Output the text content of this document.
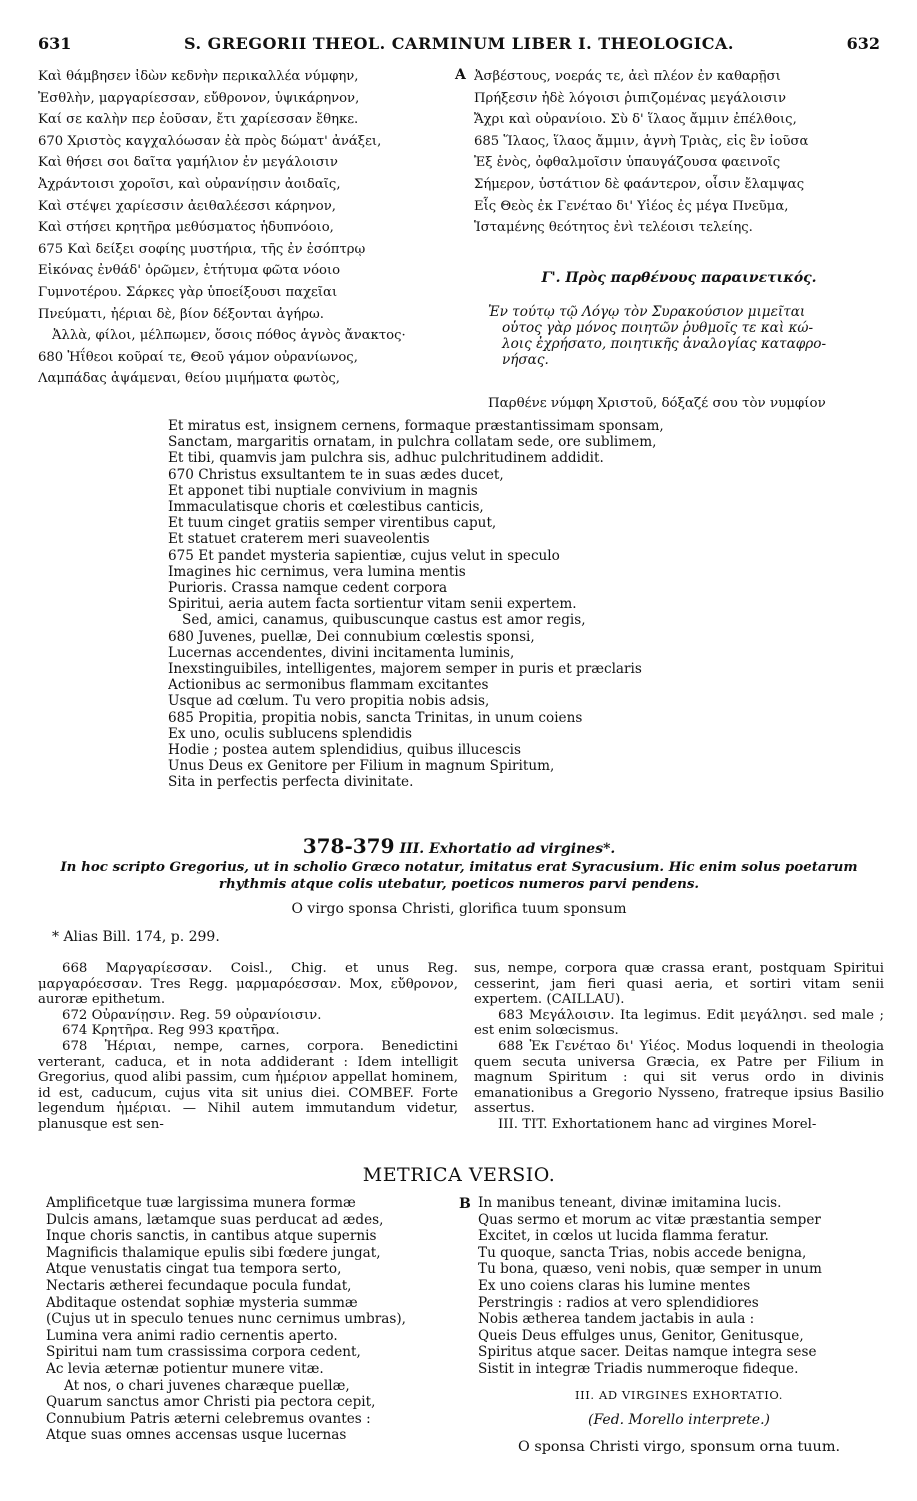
631	S. GREGORII THEOL. CARMINUM LIBER I. THEOLOGICA.	632
Καὶ θάμβησεν ἰδὼν κεδνὴν περικαλλέα νύμφην,
Ἐσθλὴν, μαργαρίεσσαν, εὔθρονον, ὑψικάρηνον,
Καί σε καλὴν περ ἐοῦσαν, ἔτι χαρίεσσαν ἔθηκε.
670 Χριστὸς καγχαλόωσαν ἐὰ πρὸς δώματ' ἀνάξει,
Καὶ θήσει σοι δαῖτα γαμήλιον ἐν μεγάλοισιν
Ἀχράντοισι χοροῖσι, καὶ οὐρανίῃσιν ἀοιδαῖς,
Καὶ στέψει χαρίεσσιν ἀειθαλέεσσι κάρηνον,
Καὶ στήσει κρητῆρα μεθύσματος ἡδυπνόοιο,
675 Καὶ δείξει σοφίης μυστήρια, τῆς ἐν ἐσόπτρῳ
Εἰκόνας ἐνθάδ' ὁρῶμεν, ἐτήτυμα φῶτα νόοιο
Γυμνοτέρου. Σάρκες γὰρ ὑποείξουσι παχεῖαι
Πνεύματι, ἠέριαι δὲ, βίον δέξονται ἀγήρω.
Ἀλλὰ, φίλοι, μέλπωμεν, ὅσοις πόθος ἁγνὸς ἄνακτος·
680 Ἠΐθεοι κοῦραί τε, Θεοῦ γάμον οὐρανίωνος,
Λαμπάδας ἁψάμεναι, θείου μιμήματα φωτὸς,
A Ἀσβέστους, νοεράς τε, ἀεὶ πλέον ἐν καθαρῇσι
Πρήξεσιν ἠδὲ λόγοισι ῥιπιζομένας μεγάλοισιν
Ἄχρι καὶ οὐρανίοιο. Σὺ δ' ἵλαος ἄμμιν ἐπέλθοις,
685 Ἵλαος, ἵλαος ἄμμιν, ἁγνὴ Τριὰς, εἰς ἓν ἰοῦσα
Ἐξ ἑνὸς, ὀφθαλμοῖσιν ὑπαυγάζουσα φαεινοῖς
Σήμερον, ὑστάτιον δὲ φαάντερον, οἷσιν ἔλαμψας
Εἷς Θεὸς ἐκ Γενέταο δι' Υἱέος ἐς μέγα Πνεῦμα,
Ἱσταμένης θεότητος ἐνὶ τελέοισι τελείης.
Γ'. Πρὸς παρθένους παραινετικός.
Ἐν τούτῳ τῷ Λόγῳ τὸν Συρακούσιον μιμεῖται
οὗτος γὰρ μόνος ποιητῶν ῥυθμοῖς τε καὶ κώ-
λοις ἐχρήσατο, ποιητικῆς ἀναλογίας καταφρο-
νήσας.
Παρθένε νύμφη Χριστοῦ, δόξαζέ σου τὸν νυμφίον
Et miratus est, insignem cernens, formaque præstantissimam sponsam,
Sanctam, margaritis ornatam, in pulchra collatam sede, ore sublimem,
Et tibi, quamvis jam pulchra sis, adhuc pulchritudinem addidit.
670 Christus exsultantem te in suas ædes ducet,
Et apponet tibi nuptiale convivium in magnis
Immaculatisque choris et cœlestibus canticis,
Et tuum cinget gratiis semper virentibus caput,
Et statuet craterem meri suaveolentis
675 Et pandet mysteria sapientiæ, cujus velut in speculo
Imagines hic cernimus, vera lumina mentis
Purioris. Crassa namque cedent corpora
Spiritui, aeria autem facta sortientur vitam senii expertem.
Sed, amici, canamus, quibuscunque castus est amor regis,
680 Juvenes, puellæ, Dei connubium cœlestis sponsi,
Lucernas accendentes, divini incitamenta luminis,
Inexstinguibiles, intelligentes, majorem semper in puris et præclaris
Actionibus ac sermonibus flammam excitantes
Usque ad cœlum. Tu vero propitia nobis adsis,
685 Propitia, propitia nobis, sancta Trinitas, in unum coiens
Ex uno, oculis sublucens splendidis
Hodie ; postea autem splendidius, quibus illucescis
Unus Deus ex Genitore per Filium in magnum Spiritum,
Sita in perfectis perfecta divinitate.
378-379 III. Exhortatio ad virgines*.
In hoc scripto Gregorius, ut in scholio Græco notatur, imitatus erat Syracusium. Hic enim solus poetarum
rhythmis atque colis utebatur, poeticos numeros parvi pendens.
O virgo sponsa Christi, glorifica tuum sponsum
* Alias Bill. 174, p. 299.

668 Μαργαρίεσσαν. Coisl., Chig. et unus Reg. μαργαρόεσσαν. Tres Regg. μαρμαρόεσσαν. Mox, εὔθρονον, auroræ epithetum.

672 Οὐρανίῃσιν. Reg. 59 οὐρανίοισιν.

674 Κρητῆρα. Reg 993 κρατῆρα.

678 Ἠέριαι, nempe, carnes, corpora. Benedictini verterant, caduca, et in nota addiderant : Idem intelligit Gregorius, quod alibi passim, cum ἡμέριον appellat hominem, id est, caducum, cujus vita sit unius diei. COMBEF. Forte legendum ἡμέριαι. — Nihil autem immutandum videtur, planusque est sen-

sus, nempe, corpora quæ crassa erant, postquam Spiritui cesserint, jam fieri quasi aeria, et sortiri vitam senii expertem. (CAILLAU).

683 Μεγάλοισιν. Ita legimus. Edit μεγάλησι. sed male ; est enim solœcismus.

688 Ἐκ Γενέταο δι' Υἱέος. Modus loquendi in theologia quem secuta universa Græcia, ex Patre per Filium in magnum Spiritum : qui sit verus ordo in divinis emanationibus a Gregorio Nysseno, fratreque ipsius Basilio assertus.

III. TIT. Exhortationem hanc ad virgines Morel-

METRICA VERSIO.
Amplificetque tuæ largissima munera formæ
Dulcis amans, lætamque suas perducat ad ædes,
Inque choris sanctis, in cantibus atque supernis
Magnificis thalamique epulis sibi fœdere jungat,
Atque venustatis cingat tua tempora serto,
Nectaris ætherei fecundaque pocula fundat,
Abditaque ostendat sophiæ mysteria summæ
(Cujus ut in speculo tenues nunc cernimus umbras),
Lumina vera animi radio cernentis aperto.
Spiritui nam tum crassissima corpora cedent,
Ac levia æternæ potientur munere vitæ.
At nos, o chari juvenes charæque puellæ,
Quarum sanctus amor Christi pia pectora cepit,
Connubium Patris æterni celebremus ovantes :
Atque suas omnes accensas usque lucernas
B In manibus teneant, divinæ imitamina lucis.
Quas sermo et morum ac vitæ præstantia semper
Excitet, in cœlos ut lucida flamma feratur.
Tu quoque, sancta Trias, nobis accede benigna,
Tu bona, quæso, veni nobis, quæ semper in unum
Ex uno coiens claras his lumine mentes
Perstringis : radios at vero splendidiores
Nobis æthereа tandem jactabis in aula :
Queis Deus effulges unus, Genitor, Genitusque,
Spiritus atque sacer. Deitas namque integra sese
Sistit in integræ Triadis nummeroque fideque.
III. AD VIRGINES EXHORTATIO.
(Fed. Morello interprete.)
O sponsa Christi virgo, sponsum orna tuum.
